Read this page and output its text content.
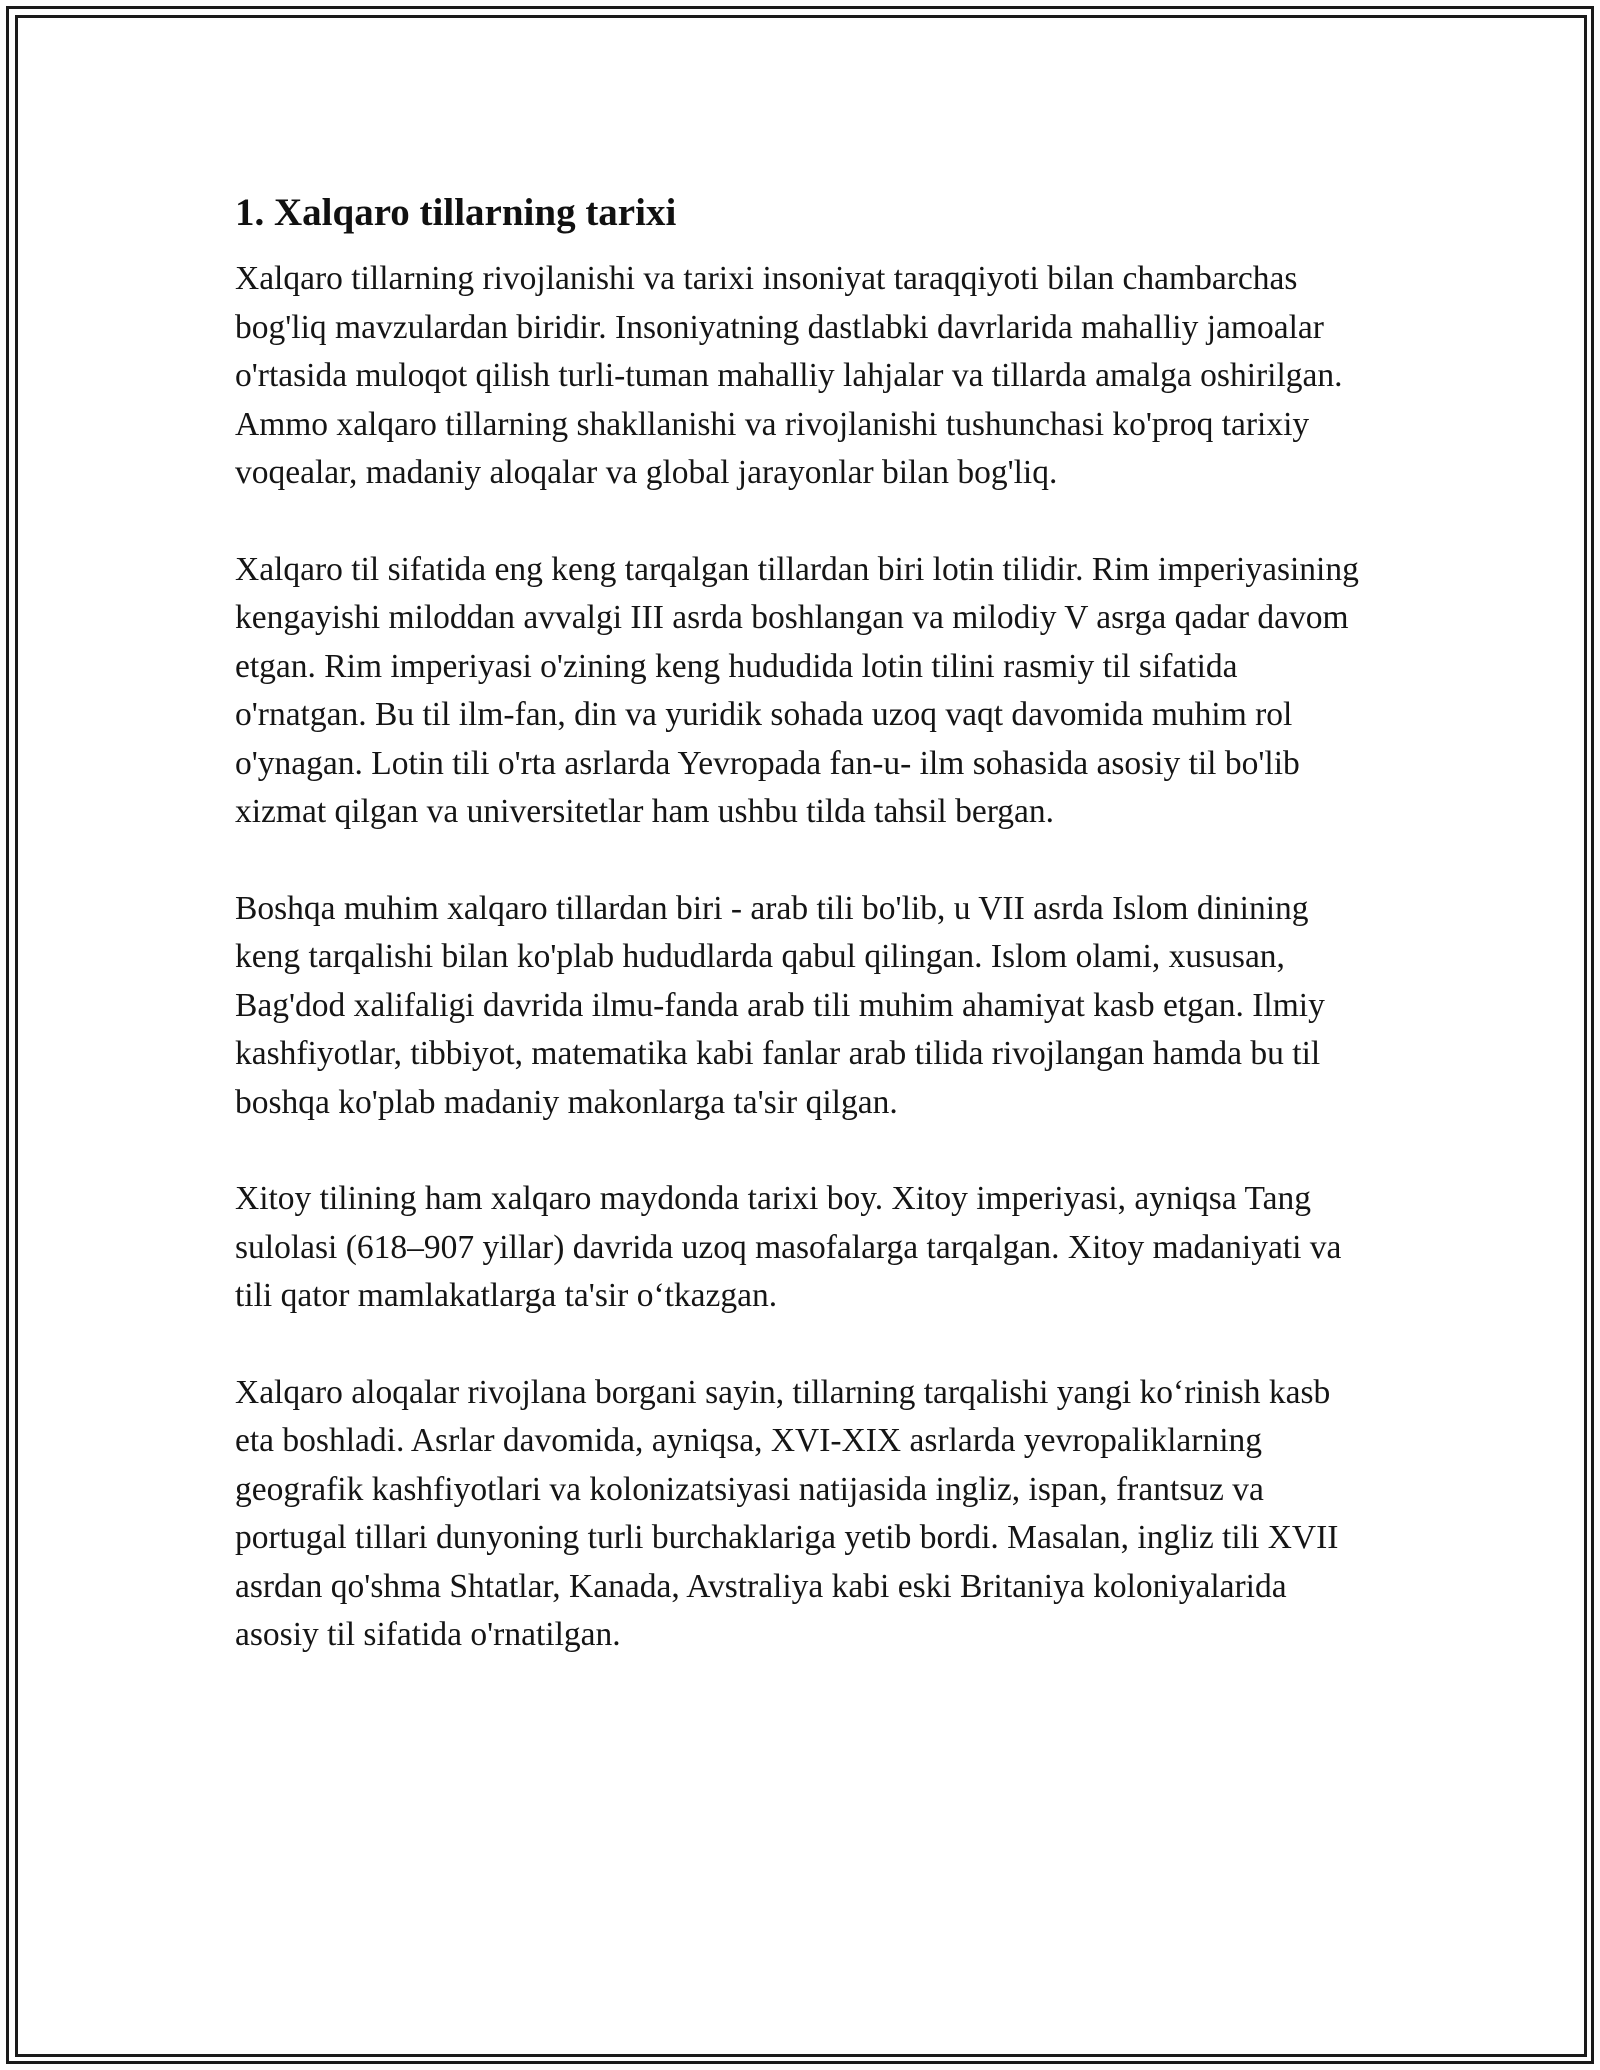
1. Xalqaro tillarning tarixi

Xalqaro tillarning rivojlanishi va tarixi insoniyat taraqqiyoti bilan chambarchas bog'liq mavzulardan biridir. Insoniyatning dastlabki davrlarida mahalliy jamoalar o'rtasida muloqot qilish turli-tuman mahalliy lahjalar va tillarda amalga oshirilgan. Ammo xalqaro tillarning shakllanishi va rivojlanishi tushunchasi ko'proq tarixiy voqealar, madaniy aloqalar va global jarayonlar bilan bog'liq.

Xalqaro til sifatida eng keng tarqalgan tillardan biri lotin tilidir. Rim imperiyasining kengayishi miloddan avvalgi III asrda boshlangan va milodiy V asrga qadar davom etgan. Rim imperiyasi o'zining keng hududida lotin tilini rasmiy til sifatida o'rnatgan. Bu til ilm-fan, din va yuridik sohada uzoq vaqt davomida muhim rol o'ynagan. Lotin tili o'rta asrlarda Yevropada fan-u- ilm sohasida asosiy til bo'lib xizmat qilgan va universitetlar ham ushbu tilda tahsil bergan.

Boshqa muhim xalqaro tillardan biri - arab tili bo'lib, u VII asrda Islom dinining keng tarqalishi bilan ko'plab hududlarda qabul qilingan. Islom olami, xususan, Bag'dod xalifaligi davrida ilmu-fanda arab tili muhim ahamiyat kasb etgan. Ilmiy kashfiyotlar, tibbiyot, matematika kabi fanlar arab tilida rivojlangan hamda bu til boshqa ko'plab madaniy makonlarga ta'sir qilgan.

Xitoy tilining ham xalqaro maydonda tarixi boy. Xitoy imperiyasi, ayniqsa Tang sulolasi (618–907 yillar) davrida uzoq masofalarga tarqalgan. Xitoy madaniyati va tili qator mamlakatlarga ta'sir o‘tkazgan.

Xalqaro aloqalar rivojlana borgani sayin, tillarning tarqalishi yangi ko‘rinish kasb eta boshladi. Asrlar davomida, ayniqsa, XVI-XIX asrlarda yevropaliklarning geografik kashfiyotlari va kolonizatsiyasi natijasida ingliz, ispan, frantsuz va portugal tillari dunyoning turli burchaklariga yetib bordi. Masalan, ingliz tili XVII asrdan qo'shma Shtatlar, Kanada, Avstraliya kabi eski Britaniya koloniyalarida asosiy til sifatida o'rnatilgan.
